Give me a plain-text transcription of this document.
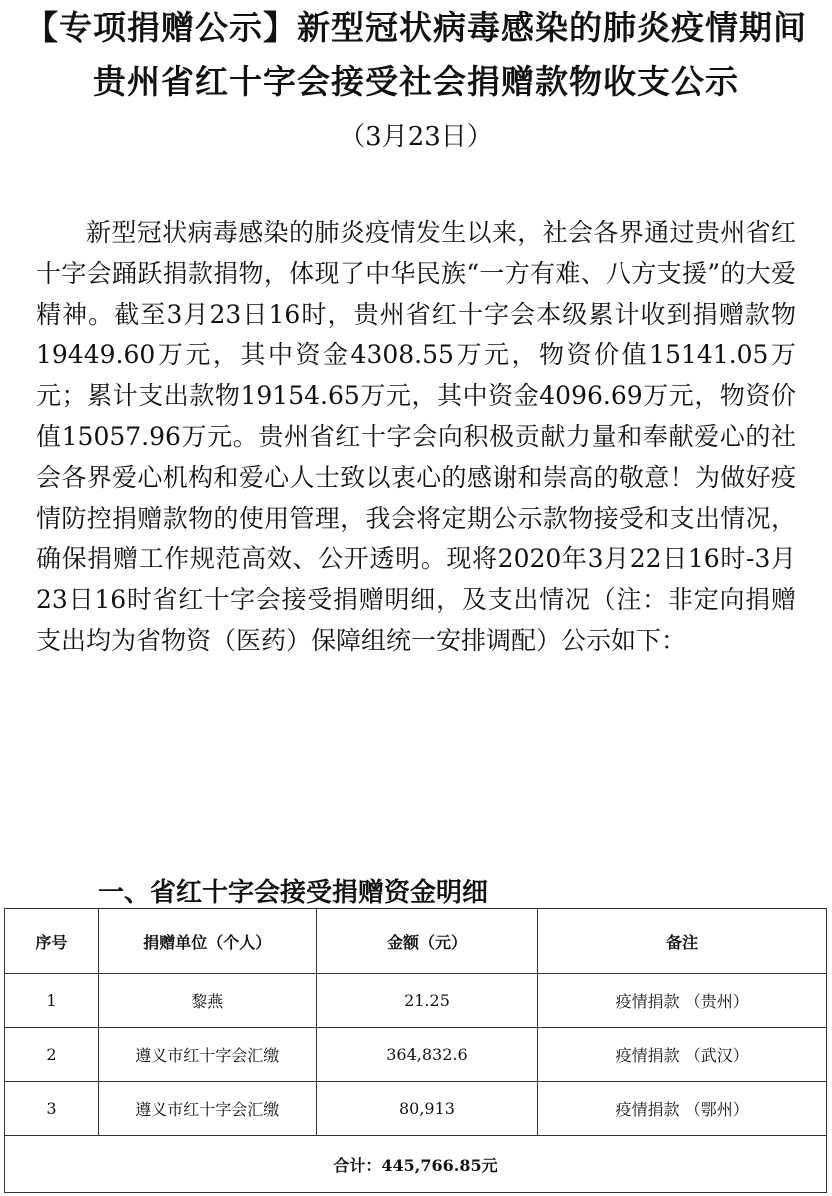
【专项捐赠公示】新型冠状病毒感染的肺炎疫情期间
贵州省红十字会接受社会捐赠款物收支公示
（3月23日）

新型冠状病毒感染的肺炎疫情发生以来，社会各界通过贵州省红十字会踊跃捐款捐物，体现了中华民族“一方有难、八方支援”的大爱精神。截至3月23日16时，贵州省红十字会本级累计收到捐赠款物19449.60万元，其中资金4308.55万元，物资价值15141.05万元；累计支出款物19154.65万元，其中资金4096.69万元，物资价值15057.96万元。贵州省红十字会向积极贡献力量和奉献爱心的社会各界爱心机构和爱心人士致以衷心的感谢和崇高的敬意！为做好疫情防控捐赠款物的使用管理，我会将定期公示款物接受和支出情况，确保捐赠工作规范高效、公开透明。现将2020年3月22日16时-3月23日16时省红十字会接受捐赠明细，及支出情况（注：非定向捐赠支出均为省物资（医药）保障组统一安排调配）公示如下：

一、省红十字会接受捐赠资金明细
序号	捐赠单位（个人）	金额（元）	备注
1	黎燕	21.25	疫情捐款 （贵州）
2	遵义市红十字会汇缴	364,832.6	疫情捐款 （武汉）
3	遵义市红十字会汇缴	80,913	疫情捐款 （鄂州）
合计：445,766.85元			
